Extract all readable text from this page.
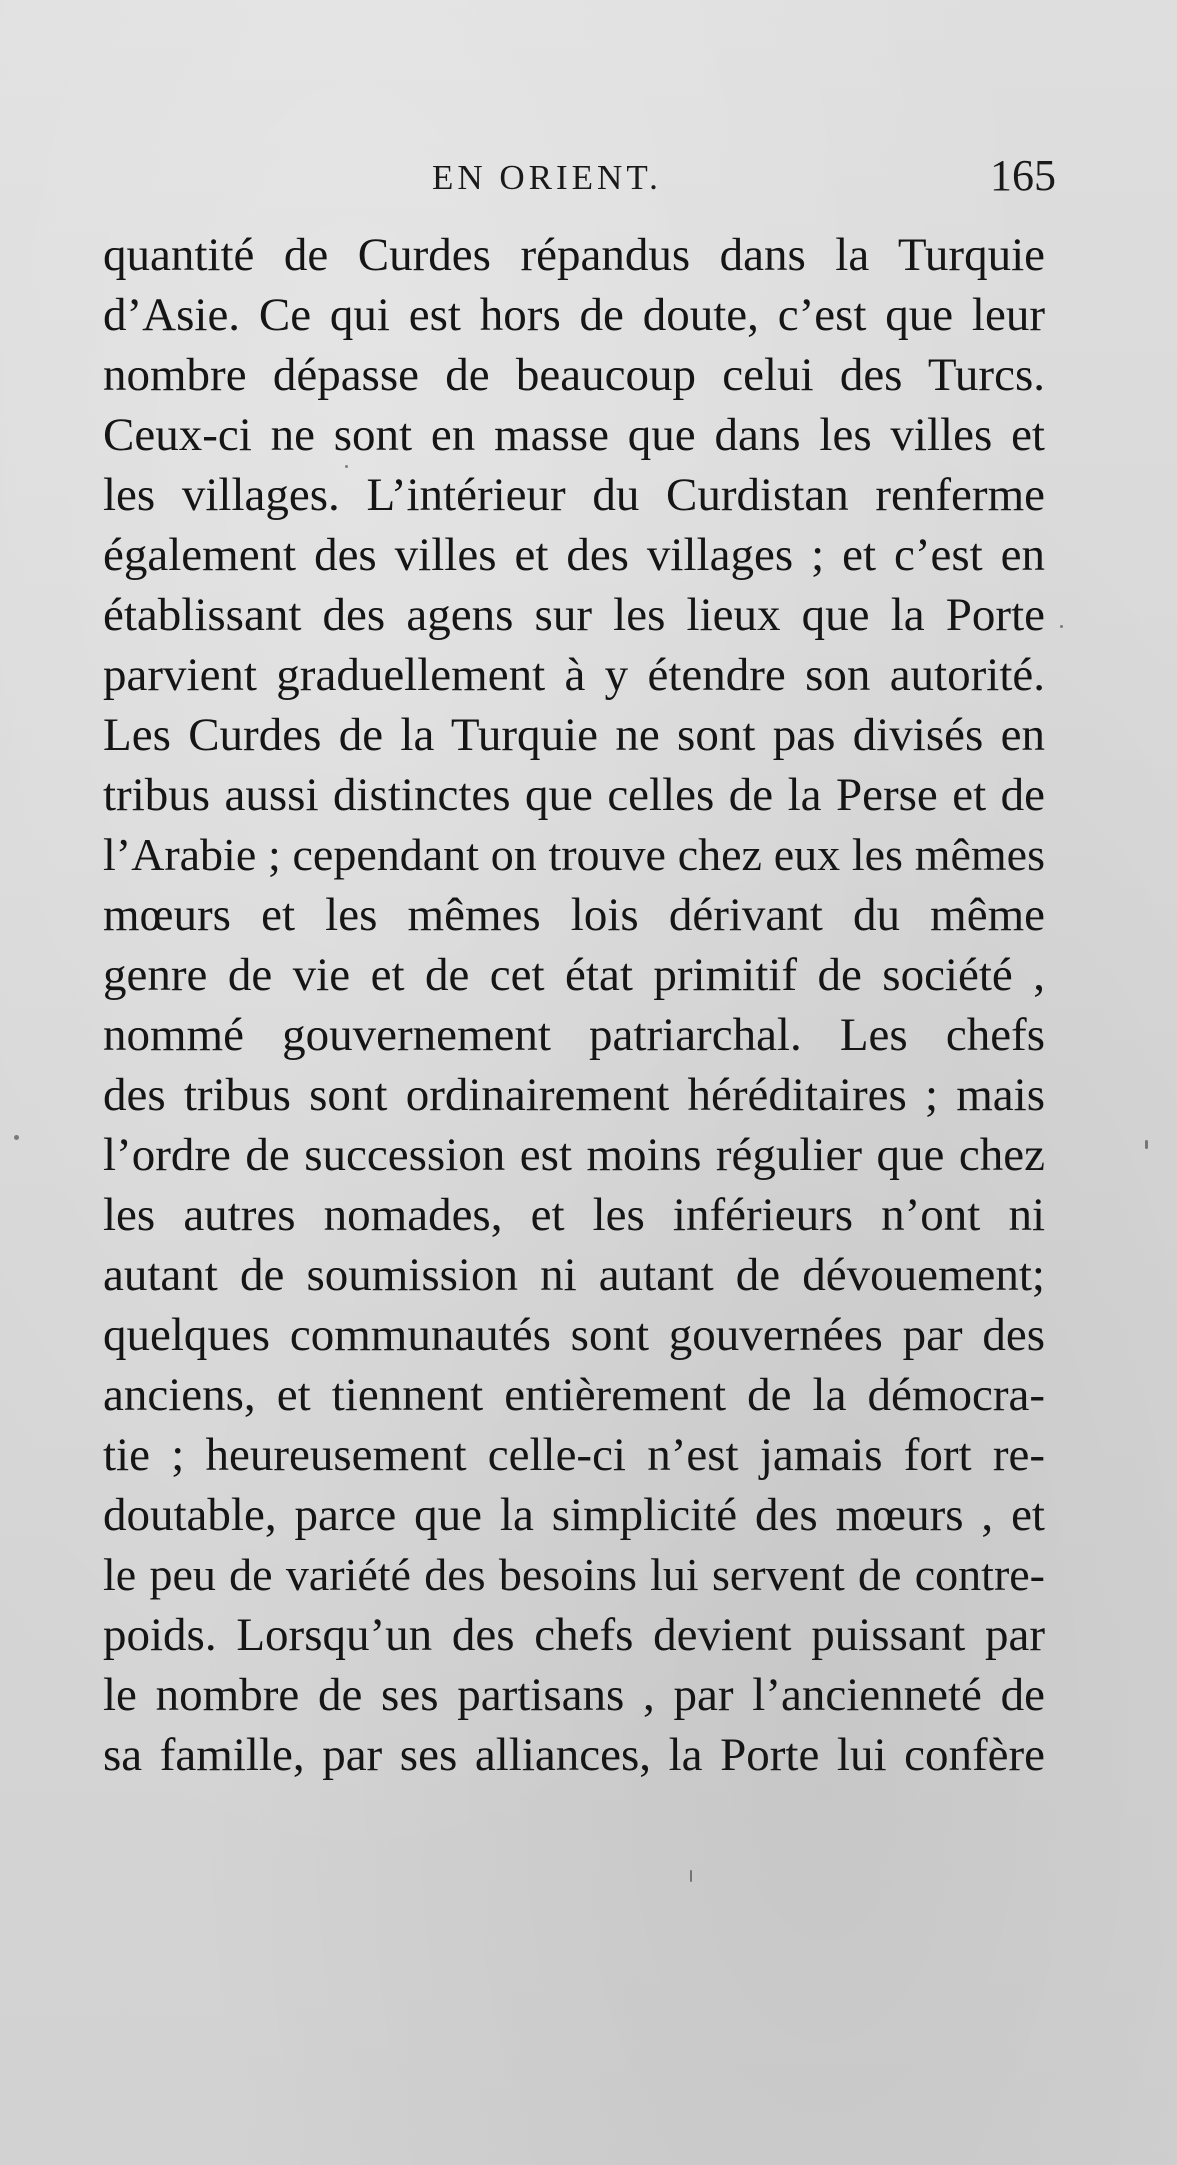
EN ORIENT.	165
quantité de Curdes répandus dans la Turquie
d’Asie. Ce qui est hors de doute, c’est que leur
nombre dépasse de beaucoup celui des Turcs.
Ceux-ci ne sont en masse que dans les villes et
les villages. L’intérieur du Curdistan renferme
également des villes et des villages ; et c’est en
établissant des agens sur les lieux que la Porte
parvient graduellement à y étendre son autorité.
Les Curdes de la Turquie ne sont pas divisés en
tribus aussi distinctes que celles de la Perse et de
l’Arabie ; cependant on trouve chez eux les mêmes
mœurs et les mêmes lois dérivant du même
genre de vie et de cet état primitif de société ,
nommé gouvernement patriarchal. Les chefs
des tribus sont ordinairement héréditaires ; mais
l’ordre de succession est moins régulier que chez
les autres nomades, et les inférieurs n’ont ni
autant de soumission ni autant de dévouement;
quelques communautés sont gouvernées par des
anciens, et tiennent entièrement de la démocra-
tie ; heureusement celle-ci n’est jamais fort re-
doutable, parce que la simplicité des mœurs , et
le peu de variété des besoins lui servent de contre-
poids. Lorsqu’un des chefs devient puissant par
le nombre de ses partisans , par l’ancienneté de
sa famille, par ses alliances, la Porte lui confère
